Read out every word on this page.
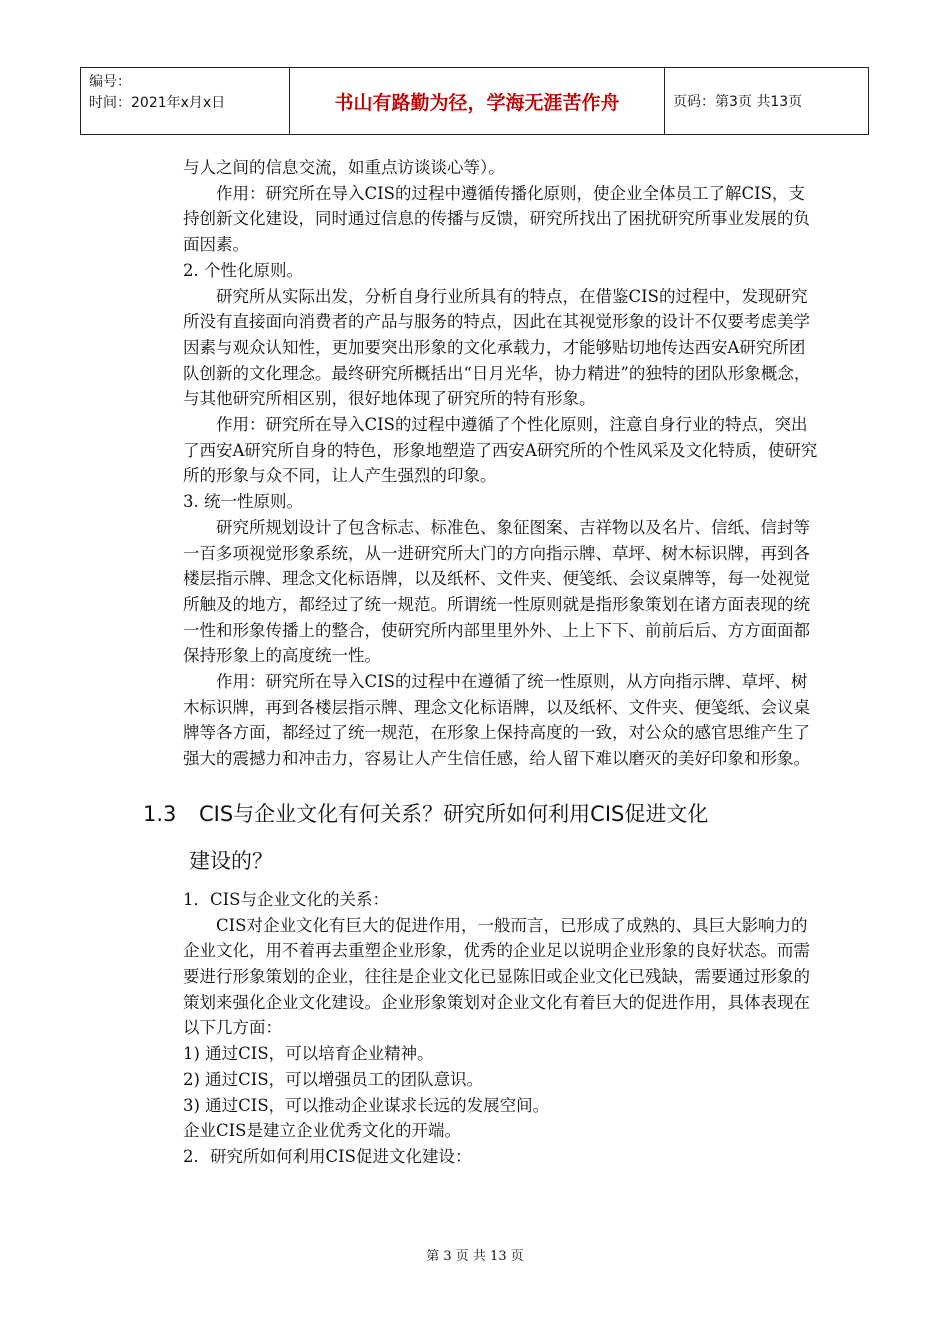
编号：
时间：2021年x月x日	书山有路勤为径，学海无涯苦作舟	页码：第3页 共13页

与人之间的信息交流，如重点访谈谈心等）。

作用：研究所在导入CIS的过程中遵循传播化原则，使企业全体员工了解CIS，支持创新文化建设，同时通过信息的传播与反馈，研究所找出了困扰研究所事业发展的负面因素。

2. 个性化原则。

研究所从实际出发，分析自身行业所具有的特点，在借鉴CIS的过程中，发现研究所没有直接面向消费者的产品与服务的特点，因此在其视觉形象的设计不仅要考虑美学因素与观众认知性，更加要突出形象的文化承载力，才能够贴切地传达西安A研究所团队创新的文化理念。最终研究所概括出“日月光华，协力精进”的独特的团队形象概念，与其他研究所相区别，很好地体现了研究所的特有形象。

作用：研究所在导入CIS的过程中遵循了个性化原则，注意自身行业的特点，突出了西安A研究所自身的特色，形象地塑造了西安A研究所的个性风采及文化特质，使研究所的形象与众不同，让人产生强烈的印象。

3. 统一性原则。

研究所规划设计了包含标志、标准色、象征图案、吉祥物以及名片、信纸、信封等一百多项视觉形象系统，从一进研究所大门的方向指示牌、草坪、树木标识牌，再到各楼层指示牌、理念文化标语牌，以及纸杯、文件夹、便笺纸、会议桌牌等，每一处视觉所触及的地方，都经过了统一规范。所谓统一性原则就是指形象策划在诸方面表现的统一性和形象传播上的整合，使研究所内部里里外外、上上下下、前前后后、方方面面都保持形象上的高度统一性。

作用：研究所在导入CIS的过程中在遵循了统一性原则，从方向指示牌、草坪、树木标识牌，再到各楼层指示牌、理念文化标语牌，以及纸杯、文件夹、便笺纸、会议桌牌等各方面，都经过了统一规范，在形象上保持高度的一致，对公众的感官思维产生了强大的震撼力和冲击力，容易让人产生信任感，给人留下难以磨灭的美好印象和形象。

1.3 CIS与企业文化有何关系？研究所如何利用CIS促进文化

建设的？

1．CIS与企业文化的关系：

CIS对企业文化有巨大的促进作用，一般而言，已形成了成熟的、具巨大影响力的企业文化，用不着再去重塑企业形象，优秀的企业足以说明企业形象的良好状态。而需要进行形象策划的企业，往往是企业文化已显陈旧或企业文化已残缺，需要通过形象的策划来强化企业文化建设。企业形象策划对企业文化有着巨大的促进作用，具体表现在以下几方面：

1) 通过CIS，可以培育企业精神。

2) 通过CIS，可以增强员工的团队意识。

3) 通过CIS，可以推动企业谋求长远的发展空间。

企业CIS是建立企业优秀文化的开端。

2．研究所如何利用CIS促进文化建设：

第 3 页 共 13 页
